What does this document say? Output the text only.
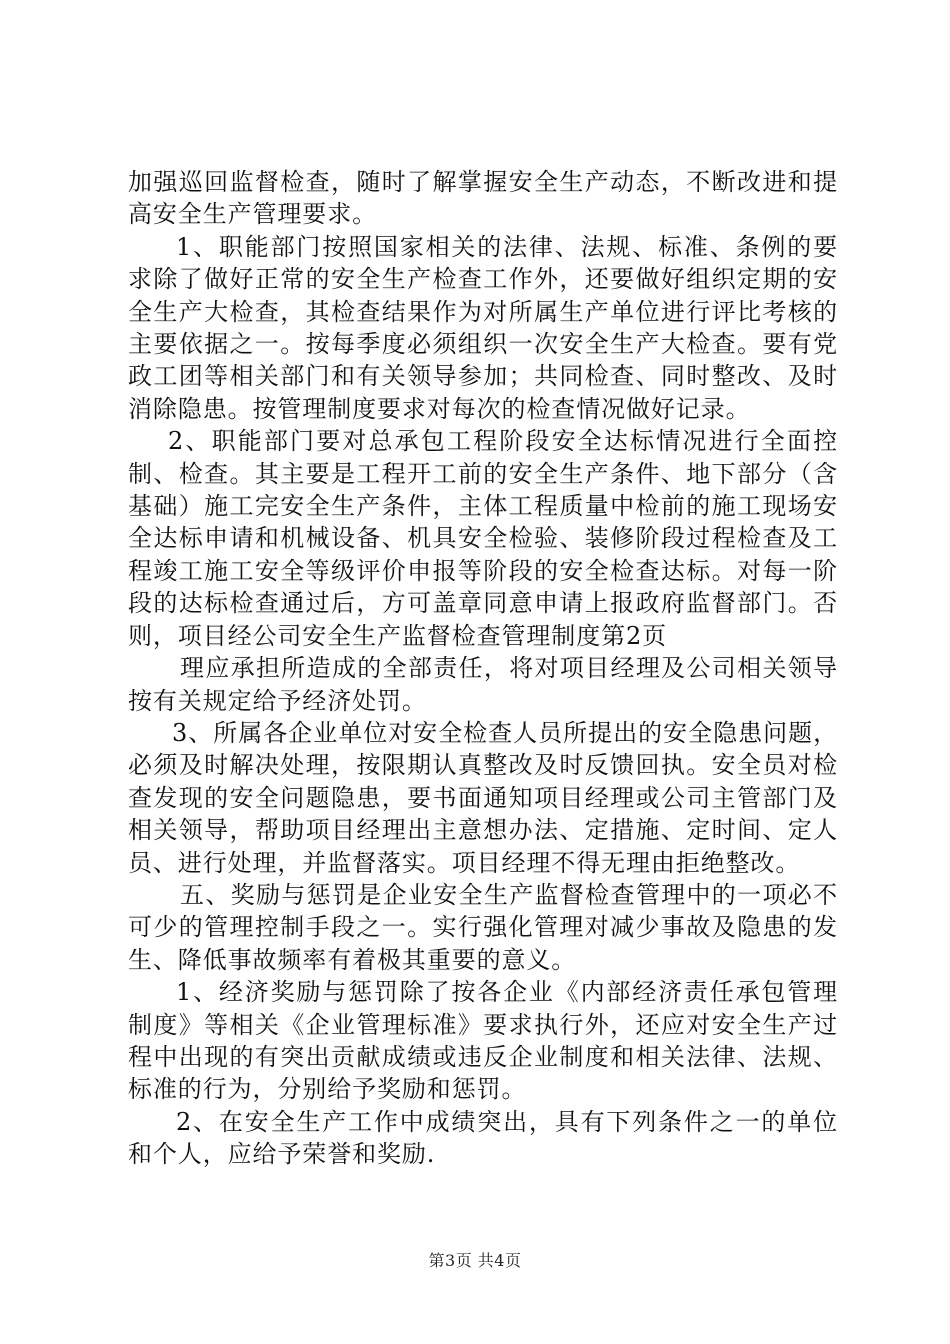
加强巡回监督检查，随时了解掌握安全生产动态，不断改进和提高安全生产管理要求。

1、职能部门按照国家相关的法律、法规、标准、条例的要求除了做好正常的安全生产检查工作外，还要做好组织定期的安全生产大检查，其检查结果作为对所属生产单位进行评比考核的主要依据之一。按每季度必须组织一次安全生产大检查。要有党政工团等相关部门和有关领导参加；共同检查、同时整改、及时消除隐患。按管理制度要求对每次的检查情况做好记录。

2、职能部门要对总承包工程阶段安全达标情况进行全面控制、检查。其主要是工程开工前的安全生产条件、地下部分（含基础）施工完安全生产条件，主体工程质量中检前的施工现场安全达标申请和机械设备、机具安全检验、装修阶段过程检查及工程竣工施工安全等级评价申报等阶段的安全检查达标。对每一阶段的达标检查通过后，方可盖章同意申请上报政府监督部门。否则，项目经公司安全生产监督检查管理制度第2页

理应承担所造成的全部责任，将对项目经理及公司相关领导按有关规定给予经济处罚。

3、所属各企业单位对安全检查人员所提出的安全隐患问题，必须及时解决处理，按限期认真整改及时反馈回执。安全员对检查发现的安全问题隐患，要书面通知项目经理或公司主管部门及相关领导，帮助项目经理出主意想办法、定措施、定时间、定人员、进行处理，并监督落实。项目经理不得无理由拒绝整改。

五、奖励与惩罚是企业安全生产监督检查管理中的一项必不可少的管理控制手段之一。实行强化管理对减少事故及隐患的发生、降低事故频率有着极其重要的意义。

1、经济奖励与惩罚除了按各企业《内部经济责任承包管理制度》等相关《企业管理标准》要求执行外，还应对安全生产过程中出现的有突出贡献成绩或违反企业制度和相关法律、法规、标准的行为，分别给予奖励和惩罚。

2、在安全生产工作中成绩突出，具有下列条件之一的单位和个人，应给予荣誉和奖励.

第3页 共4页
